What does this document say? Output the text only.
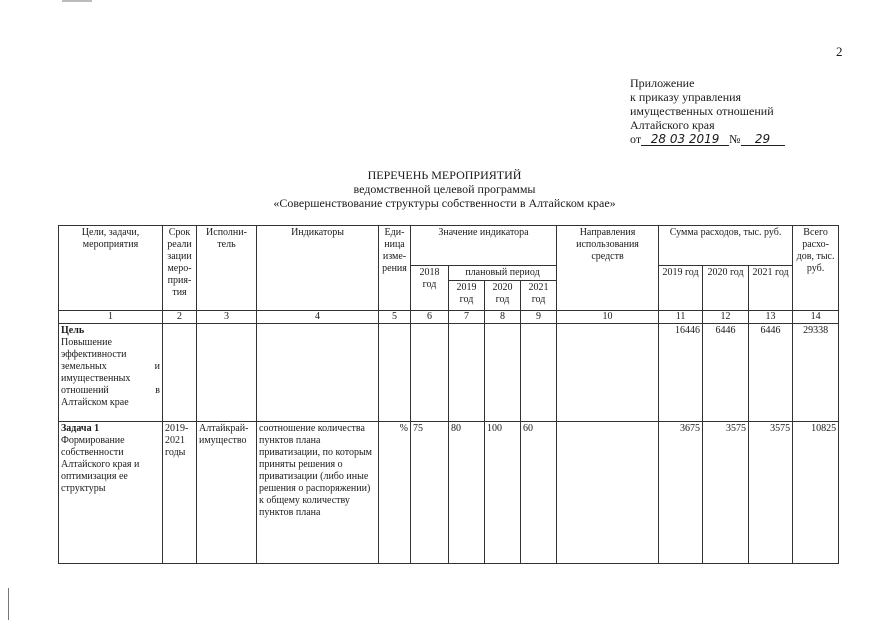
2
Приложение
к приказу управления
имущественных отношений
Алтайского края
от 28 03 2019 № 29
ПЕРЕЧЕНЬ МЕРОПРИЯТИЙ
ведомственной целевой программы
«Совершенствование структуры собственности в Алтайском крае»
Цели, задачи, мероприятия	Срок реали зации меро- прия- тия	Исполни- тель	Индикаторы	Еди- ница изме- рения	Значение индикатора				Направления использования средств	Сумма расходов, тыс. руб.			Всего расхо- дов, тыс. руб.
					2018 год	плановый период				2019 год	2020 год	2021 год	
						2019 год	2020 год	2021 год					
1	2	3	4	5	6	7	8	9	10	11	12	13	14
Цель
Повышение эффективности земельных и имущественных отношений в Алтайском крае										16446	6446	6446	29338
Задача 1
Формирование собственности Алтайского края и оптимизация ее структуры	2019-2021 годы	Алтайкрай-имущество	соотношение количества пунктов плана приватизации, по которым приняты решения о приватизации (либо иные решения о распоряжении) к общему количеству пунктов плана	%	75	80	100	60		3675	3575	3575	10825
